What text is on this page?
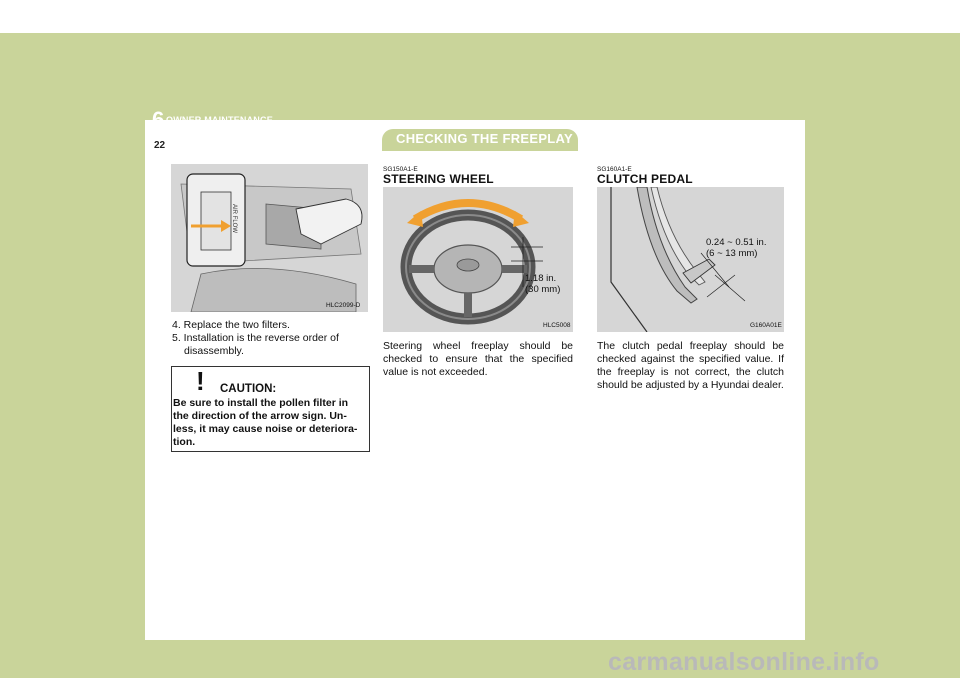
6 OWNER MAINTENANCE
22	CHECKING THE FREEPLAY
AIR FLOW
HLC2099-D
4. Replace the two filters.
5. Installation is the reverse order of
disassembly.
! CAUTION:
Be sure to install the pollen filter in the direction of the arrow sign. Un-less, it may cause noise or deteriora-tion.
SG150A1-E
STEERING WHEEL
1.18 in.
(30 mm)
HLC5008
Steering wheel freeplay should be checked to ensure that the specified value is not exceeded.
SG160A1-E
CLUTCH PEDAL
0.24 ~ 0.51 in.
(6 ~ 13 mm)
G160A01E
The clutch pedal freeplay should be checked against the specified value. If the freeplay is not correct, the clutch should be adjusted by a Hyundai dealer.
carmanualsonline.info
